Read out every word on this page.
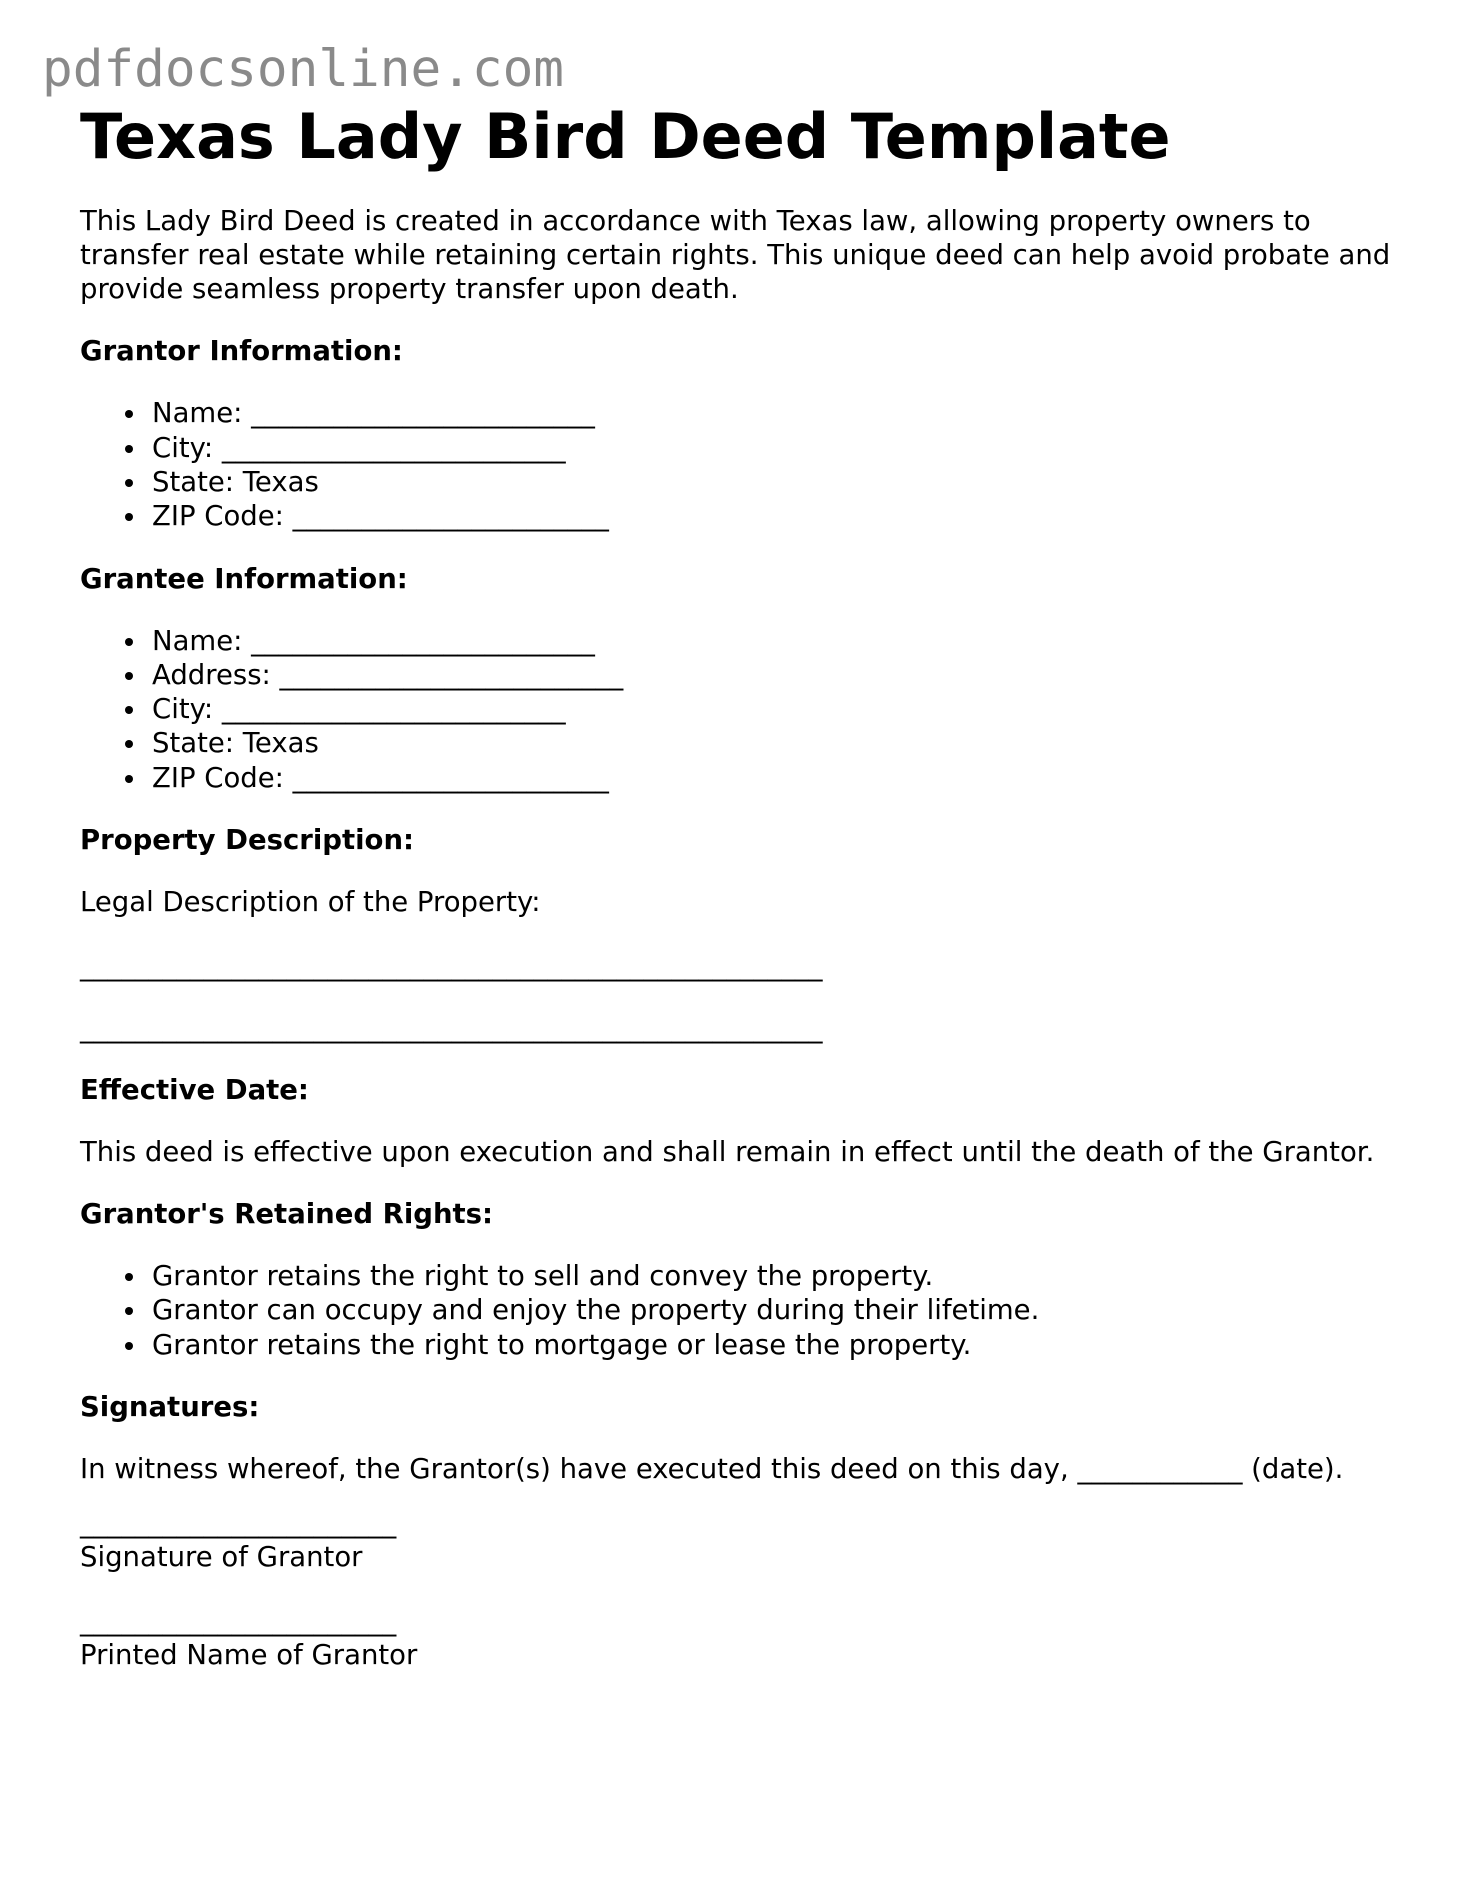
pdfdocsonline.com
Texas Lady Bird Deed Template

This Lady Bird Deed is created in accordance with Texas law, allowing property owners to transfer real estate while retaining certain rights. This unique deed can help avoid probate and provide seamless property transfer upon death.

Grantor Information:
Name: _________________________
City: _________________________
State: Texas
ZIP Code: _______________________
Grantee Information:
Name: _________________________
Address: _________________________
City: _________________________
State: Texas
ZIP Code: _______________________
Property Description:

Legal Description of the Property:

______________________________________________________
______________________________________________________
Effective Date:

This deed is effective upon execution and shall remain in effect until the death of the Grantor.

Grantor's Retained Rights:
Grantor retains the right to sell and convey the property.
Grantor can occupy and enjoy the property during their lifetime.
Grantor retains the right to mortgage or lease the property.
Signatures:

In witness whereof, the Grantor(s) have executed this deed on this day, ____________ (date).

_______________________

Signature of Grantor

_______________________

Printed Name of Grantor
